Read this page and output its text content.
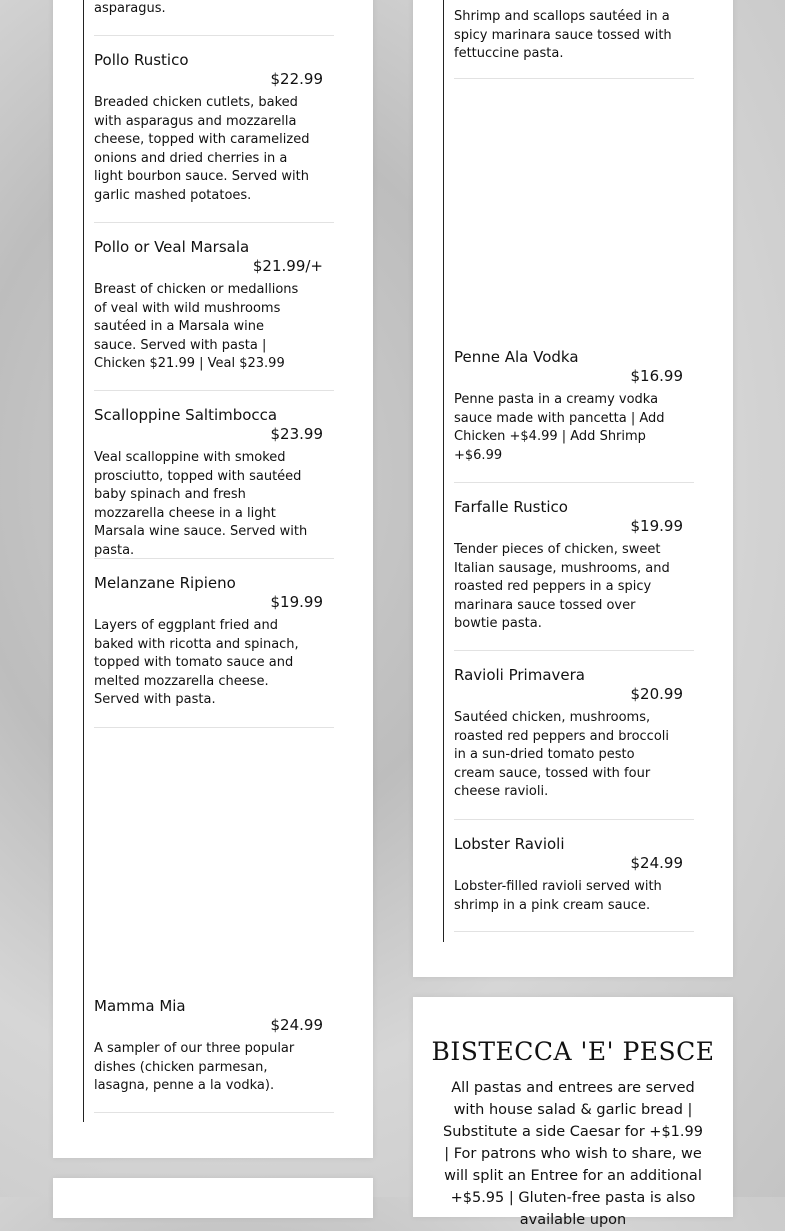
asparagus.
Pollo Rustico
$22.99
Breaded chicken cutlets, baked with asparagus and mozzarella cheese, topped with caramelized onions and dried cherries in a light bourbon sauce. Served with garlic mashed potatoes.
Pollo or Veal Marsala
$21.99/+
Breast of chicken or medallions of veal with wild mushrooms sautéed in a Marsala wine sauce. Served with pasta | Chicken $21.99 | Veal $23.99
Scalloppine Saltimbocca
$23.99
Veal scalloppine with smoked prosciutto, topped with sautéed baby spinach and fresh mozzarella cheese in a light Marsala wine sauce. Served with pasta.
Melanzane Ripieno
$19.99
Layers of eggplant fried and baked with ricotta and spinach, topped with tomato sauce and melted mozzarella cheese. Served with pasta.
Mamma Mia
$24.99
A sampler of our three popular dishes (chicken parmesan, lasagna, penne a la vodka).
Shrimp and scallops sautéed in a spicy marinara sauce tossed with fettuccine pasta.
Penne Ala Vodka
$16.99
Penne pasta in a creamy vodka sauce made with pancetta | Add Chicken +$4.99 | Add Shrimp +$6.99
Farfalle Rustico
$19.99
Tender pieces of chicken, sweet Italian sausage, mushrooms, and roasted red peppers in a spicy marinara sauce tossed over bowtie pasta.
Ravioli Primavera
$20.99
Sautéed chicken, mushrooms, roasted red peppers and broccoli in a sun-dried tomato pesto cream sauce, tossed with four cheese ravioli.
Lobster Ravioli
$24.99
Lobster-filled ravioli served with shrimp in a pink cream sauce.
BISTECCA 'E' PESCE
All pastas and entrees are served with house salad & garlic bread | Substitute a side Caesar for +$1.99 | For patrons who wish to share, we will split an Entree for an additional +$5.95 | Gluten-free pasta is also available upon
